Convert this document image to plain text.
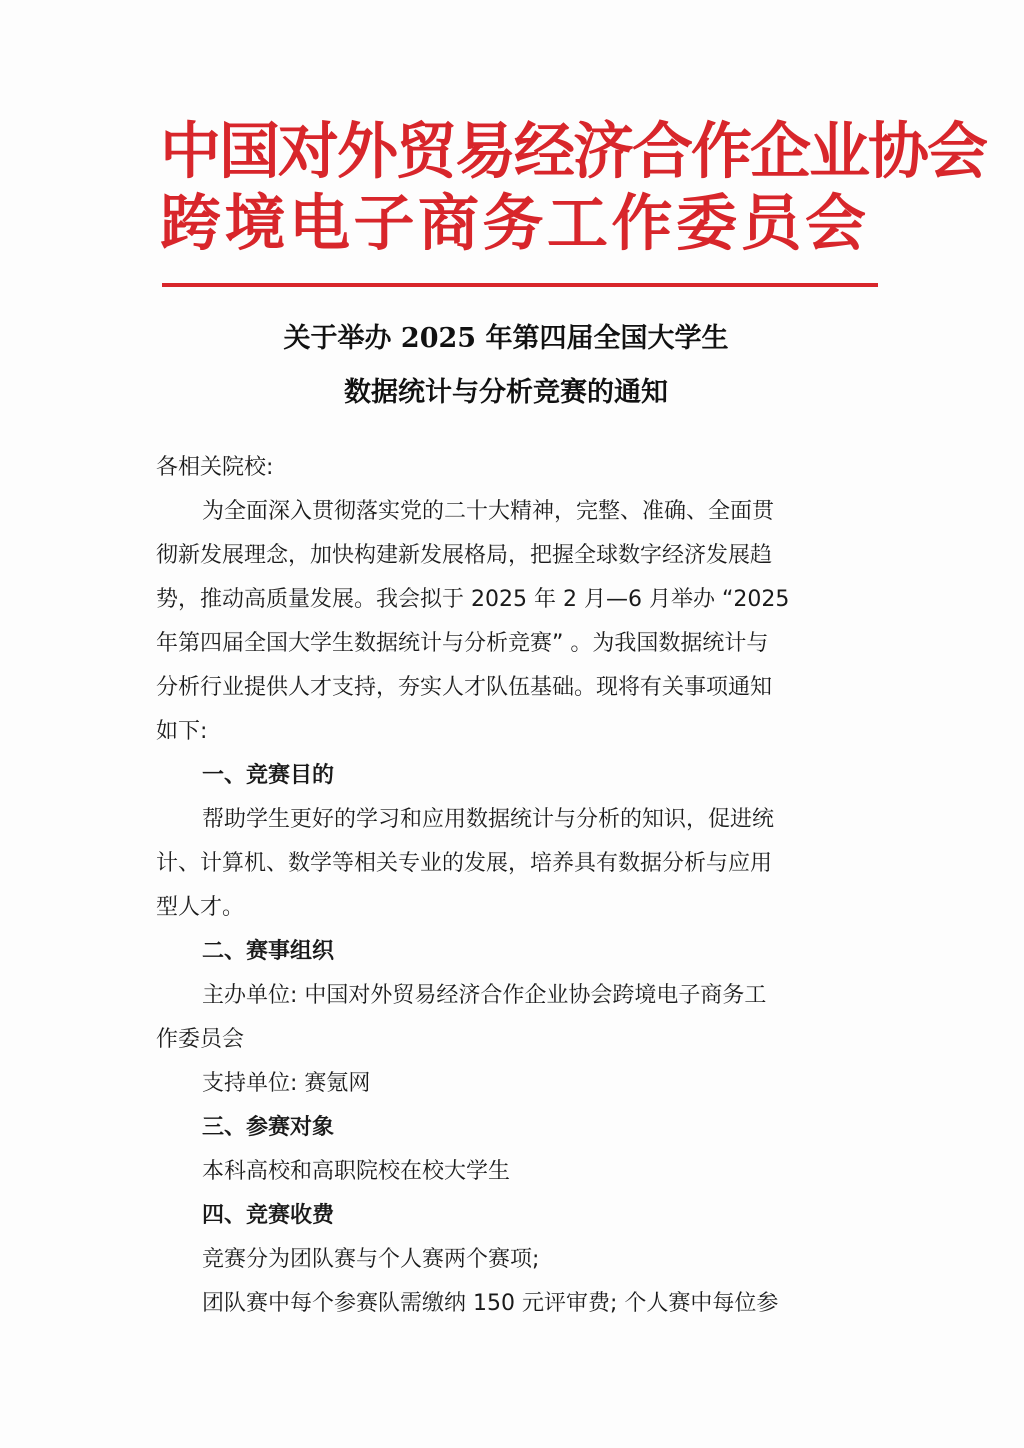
中国对外贸易经济合作企业协会
跨境电子商务工作委员会
关于举办 2025 年第四届全国大学生
数据统计与分析竞赛的通知
各相关院校:
为全面深入贯彻落实党的二十大精神，完整、准确、全面贯
彻新发展理念，加快构建新发展格局，把握全球数字经济发展趋
势，推动高质量发展。我会拟于 2025 年 2 月—6 月举办 “2025
年第四届全国大学生数据统计与分析竞赛” 。为我国数据统计与
分析行业提供人才支持，夯实人才队伍基础。现将有关事项通知
如下:
一、竞赛目的
帮助学生更好的学习和应用数据统计与分析的知识，促进统
计、计算机、数学等相关专业的发展，培养具有数据分析与应用
型人才。
二、赛事组织
主办单位: 中国对外贸易经济合作企业协会跨境电子商务工
作委员会
支持单位: 赛氪网
三、参赛对象
本科高校和高职院校在校大学生
四、竞赛收费
竞赛分为团队赛与个人赛两个赛项;
团队赛中每个参赛队需缴纳 150 元评审费; 个人赛中每位参
